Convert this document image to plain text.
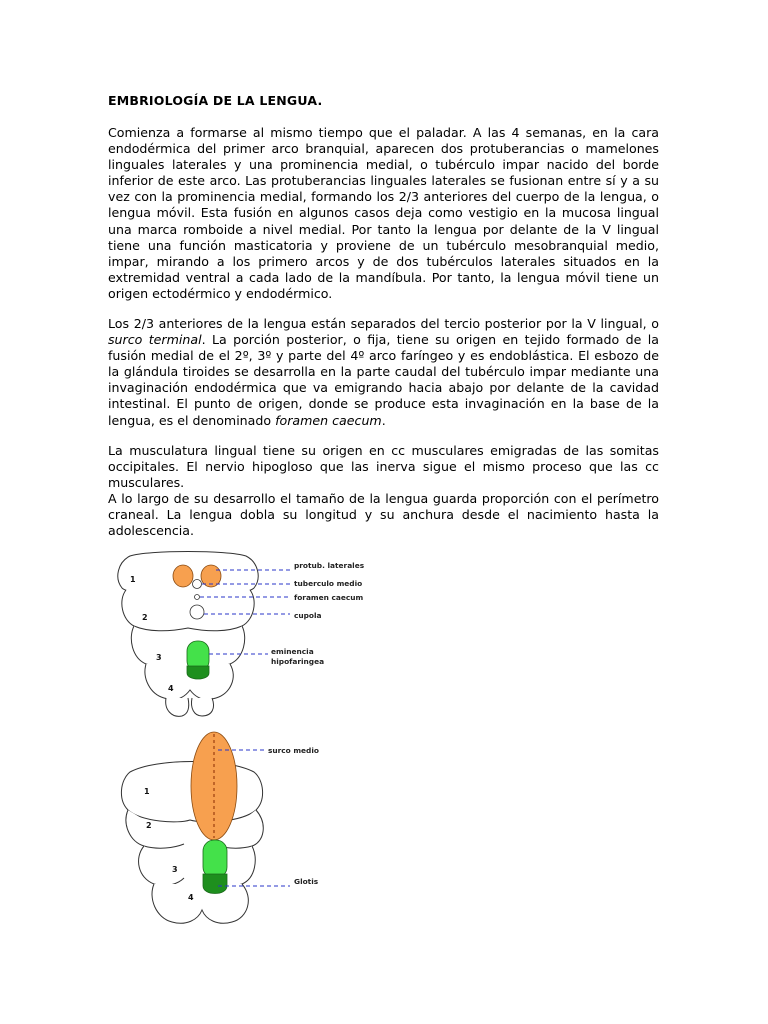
EMBRIOLOGÍA DE LA LENGUA.

Comienza a formarse al mismo tiempo que el paladar. A las 4 semanas, en la cara endodérmica del primer arco branquial, aparecen dos protuberancias o mamelones linguales laterales y una prominencia medial, o tubérculo impar nacido del borde inferior de este arco. Las protuberancias linguales laterales se fusionan entre sí y a su vez con la prominencia medial, formando los 2/3 anteriores del cuerpo de la lengua, o lengua móvil. Esta fusión en algunos casos deja como vestigio en la mucosa lingual una marca romboide a nivel medial. Por tanto la lengua por delante de la V lingual tiene una función masticatoria y proviene de un tubérculo mesobranquial medio, impar, mirando a los primero arcos y de dos tubérculos laterales situados en la extremidad ventral a cada lado de la mandíbula. Por tanto, la lengua móvil tiene un origen ectodérmico y endodérmico.

Los 2/3 anteriores de la lengua están separados del tercio posterior por la V lingual, o surco terminal. La porción posterior, o fija, tiene su origen en tejido formado de la fusión medial de el 2º, 3º y parte del 4º arco faríngeo y es endoblástica. El esbozo de la glándula tiroides se desarrolla en la parte caudal del tubérculo impar mediante una invaginación endodérmica que va emigrando hacia abajo por delante de la cavidad intestinal. El punto de origen, donde se produce esta invaginación en la base de la lengua, es el denominado foramen caecum.

La musculatura lingual tiene su origen en cc musculares emigradas de las somitas occipitales. El nervio hipogloso que las inerva sigue el mismo proceso que las cc musculares.

A lo largo de su desarrollo el tamaño de la lengua guarda proporción con el perímetro craneal. La lengua dobla su longitud y su anchura desde el nacimiento hasta la adolescencia.

1
2
3
4
protub. laterales
tuberculо medio
foramen caecum
cupola
eminencia
hipofaringea
1
2
3
4
surco medio
Glotis
